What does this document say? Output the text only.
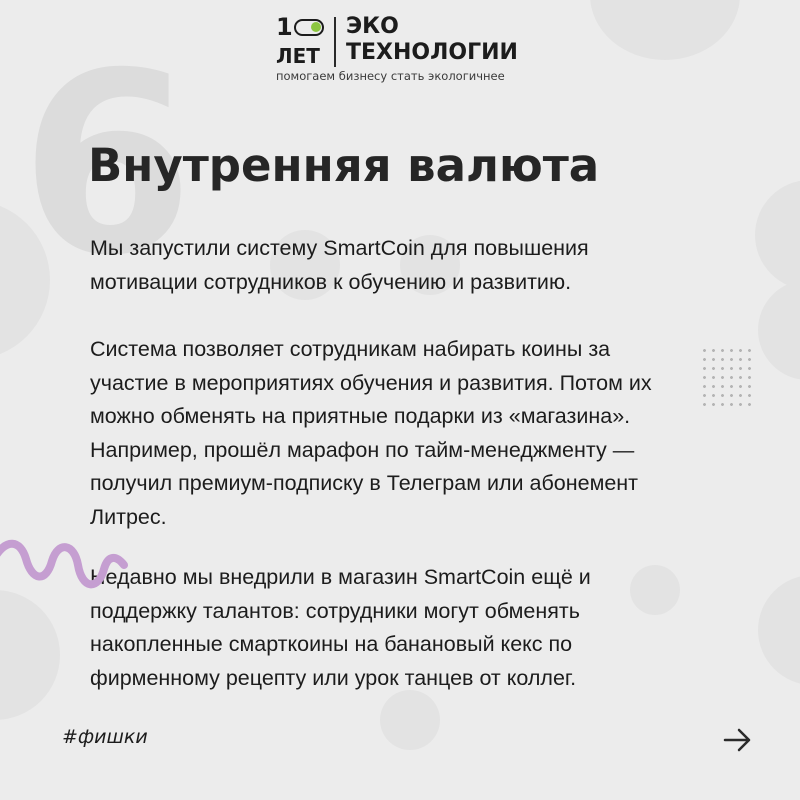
6	1
ЛЕТ
ЭКО
ТЕХНОЛОГИИ
помогаем бизнесу стать экологичнее
Внутренняя валюта

Мы запустили систему SmartCoin для повышения
мотивации сотрудников к обучению и развитию.

Система позволяет сотрудникам набирать коины за
участие в мероприятиях обучения и развития. Потом их
можно обменять на приятные подарки из «магазина».
Например, прошёл марафон по тайм-менеджменту —
получил премиум-подписку в Телеграм или абонемент
Литрес.

Недавно мы внедрили в магазин SmartCoin ещё и
поддержку талантов: сотрудники могут обменять
накопленные смарткоины на банановый кекс по
фирменному рецепту или урок танцев от коллег.

#фишки
